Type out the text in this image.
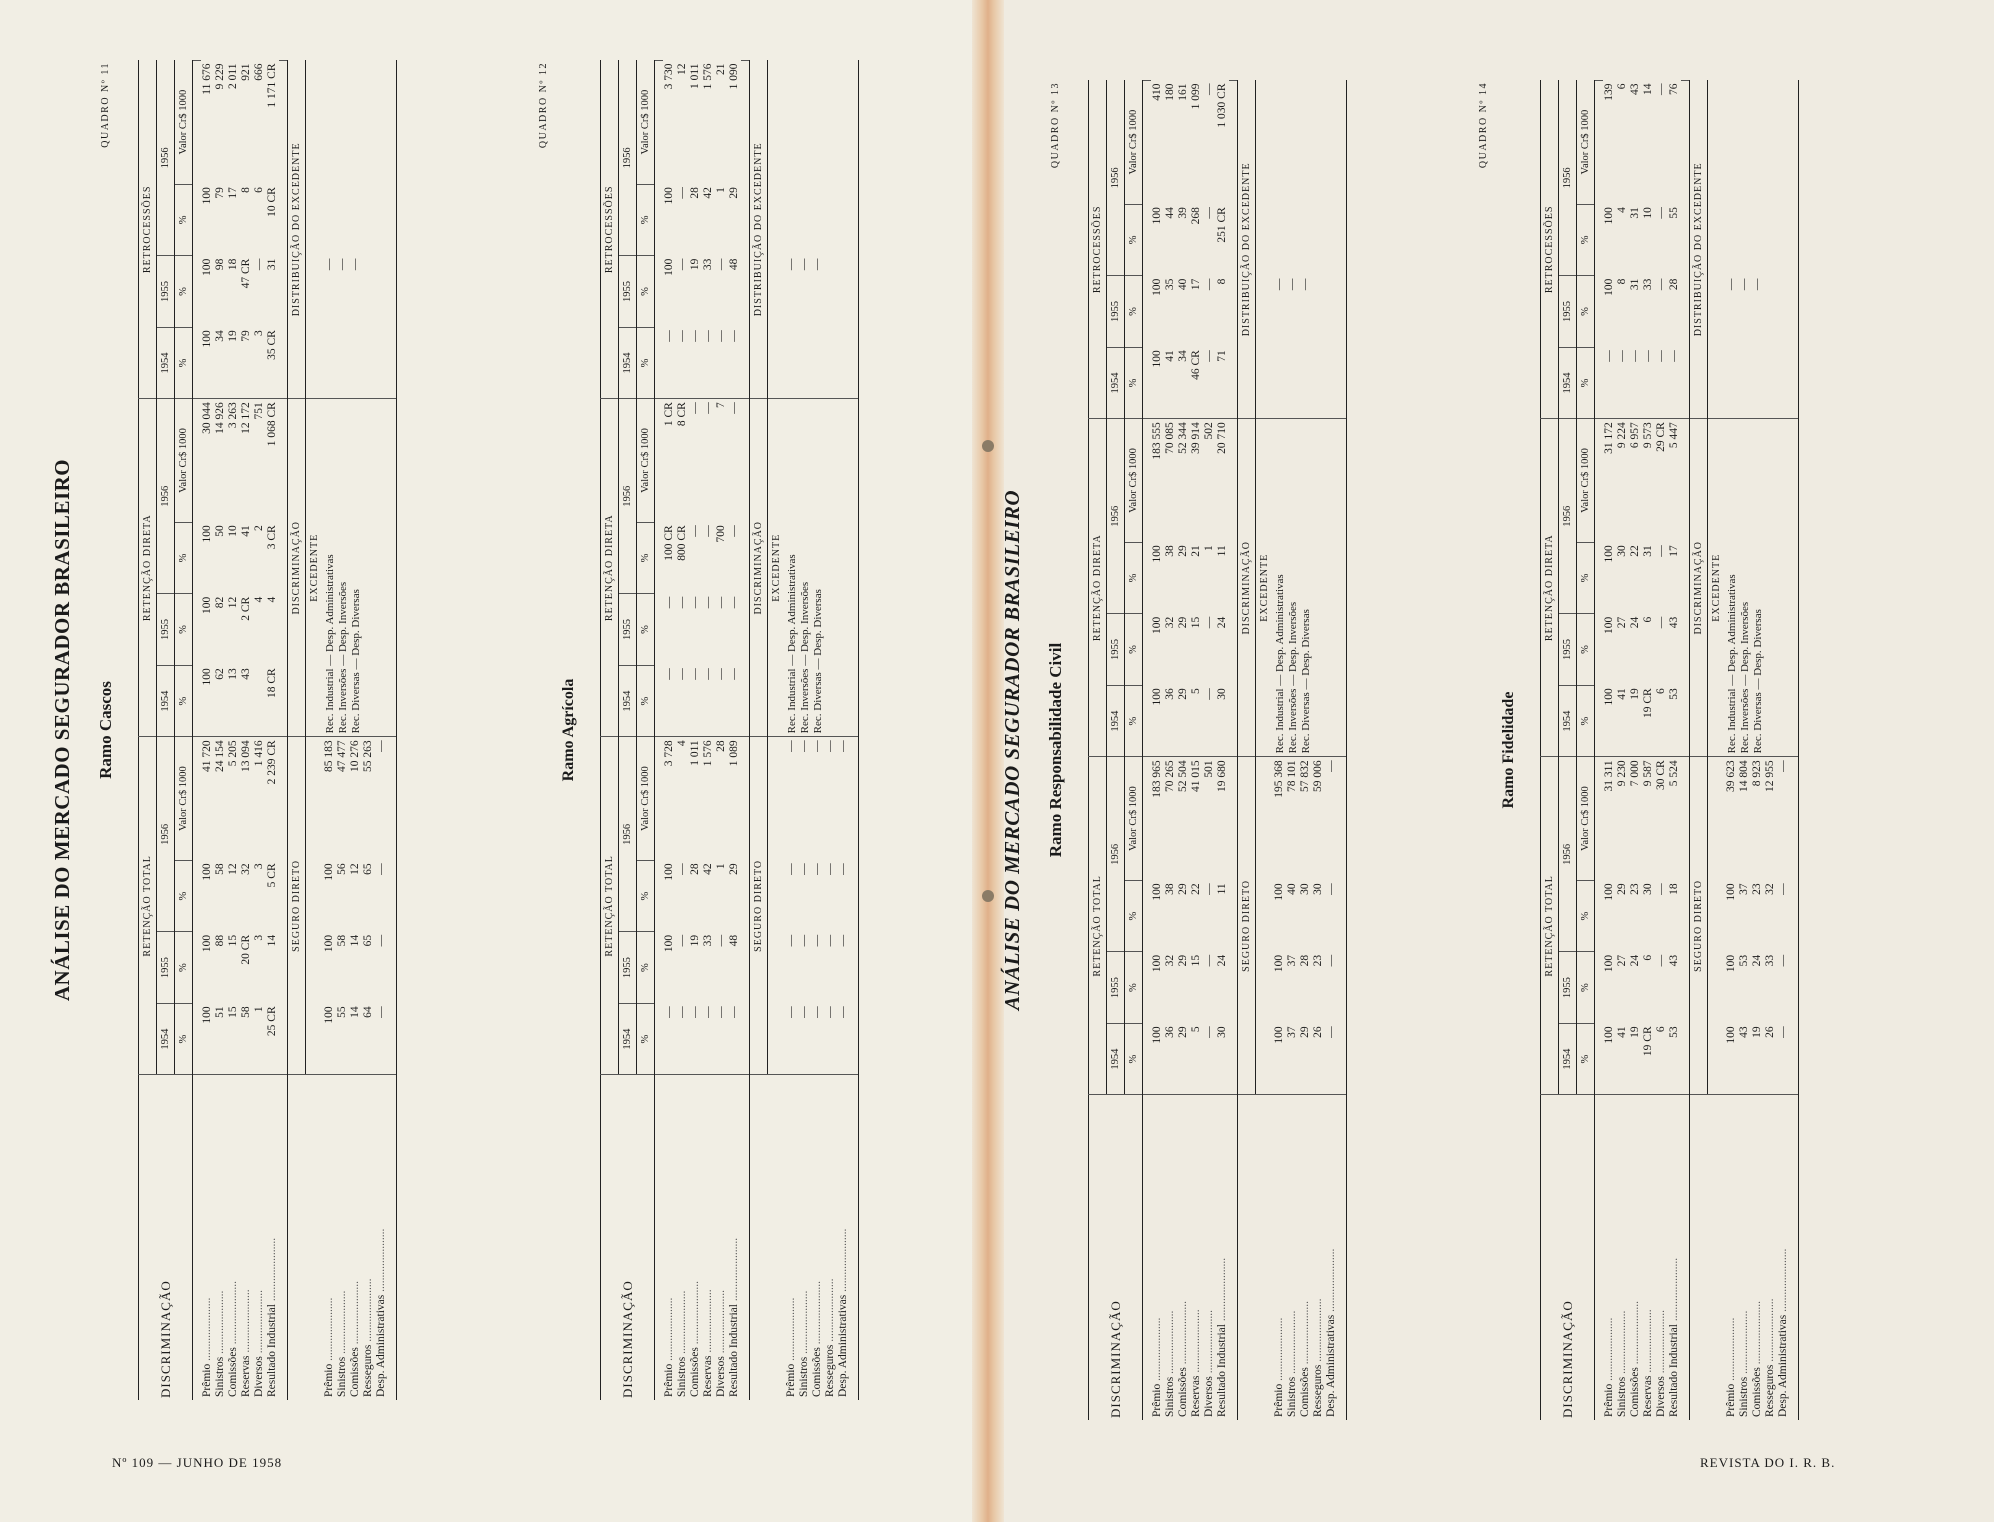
ANÁLISE DO MERCADO SEGURADOR BRASILEIRO
QUADRO Nº 11
Ramo Cascos
DISCRIMINAÇÃO	RETENÇÃO TOTAL				RETENÇÃO DIRETA				RETROCESSÕES			
	1954	1955	1956		1954	1955	1956		1954	1955	1956	

	%	%	%	Valor Cr$ 1000	%	%	%	Valor Cr$ 1000	%	%	%	Valor Cr$ 1000

Prêmio .....	100	100	100	41 720	100	100	100	30 044	100	100	100	11 676
Sinistros .....	51	88	58	24 154	62	82	50	14 926	34	98	79	9 229
Comissões .....	15	15	12	5 205	13	12	10	3 263	19	18	17	2 011
Reservas .....	58	20 CR	32	13 094	43	2 CR	41	12 172	79	47 CR	8	921
Diversos .....	1	3	3	1 416		4	2	751	3	—	6	666
Resultado Industrial .....	25 CR	14	5 CR	2 239 CR	18 CR	4	3 CR	1 068 CR	35 CR	31	10 CR	1 171 CR

	SEGURO DIRETO				DISCRIMINAÇÃO				DISTRIBUIÇÃO DO EXCEDENTE			
					EXCEDENTE							
Prêmio .....	100	100	100	85 183	Rec. Industrial — Desp. Administrativas				—			
Sinistros .....	55	58	56	47 477	Rec. Inversões — Desp. Inversões				—			
Comissões .....	14	14	12	10 276	Rec. Diversas — Desp. Diversas				—			
Resseguros .....	64	65	65	55 263								
Desp. Administrativas .....	—	—	—	—								

QUADRO Nº 12
Ramo Agrícola
DISCRIMINAÇÃO	RETENÇÃO TOTAL				RETENÇÃO DIRETA				RETROCESSÕES			
	1954	1955	1956		1954	1955	1956		1954	1955	1956	

	%	%	%	Valor Cr$ 1000	%	%	%	Valor Cr$ 1000	%	%	%	Valor Cr$ 1000

Prêmio .....	—	100	100	3 728	—	—	100 CR	1 CR	—	100	100	3 730
Sinistros .....	—	—	—	4	—	—	800 CR	8 CR	—	—	—	12
Comissões .....	—	19	28	1 011	—	—	—	—	—	19	28	1 011
Reservas .....	—	33	42	1 576	—	—	—	—	—	33	42	1 576
Diversos .....	—	—	1	28	—	—	700	7	—	—	1	21
Resultado Industrial .....	—	48	29	1 089	—	—	—	—	—	48	29	1 090

	SEGURO DIRETO				DISCRIMINAÇÃO				DISTRIBUIÇÃO DO EXCEDENTE			
					EXCEDENTE							
Prêmio .....	—	—	—	—	Rec. Industrial — Desp. Administrativas				—			
Sinistros .....	—	—	—	—	Rec. Inversões — Desp. Inversões				—			
Comissões .....	—	—	—	—	Rec. Diversas — Desp. Diversas				—			
Resseguros .....	—	—	—	—								
Desp. Administrativas .....	—	—	—	—								
													ANÁLISE DO MERCADO SEGURADOR BRASILEIRO
QUADRO Nº 13
Ramo Responsabilidade Civil
DISCRIMINAÇÃO	RETENÇÃO TOTAL				RETENÇÃO DIRETA				RETROCESSÕES			
	1954	1955	1956		1954	1955	1956		1954	1955	1956	

	%	%	%	Valor Cr$ 1000	%	%	%	Valor Cr$ 1000	%	%	%	Valor Cr$ 1000

Prêmio .....	100	100	100	183 965	100	100	100	183 555	100	100	100	410
Sinistros .....	36	32	38	70 265	36	32	38	70 085	41	35	44	180
Comissões .....	29	29	29	52 504	29	29	29	52 344	34	40	39	161
Reservas .....	5	15	22	41 015	5	15	21	39 914	46 CR	17	268	1 099
Diversos .....	—	—	—	501	—	—	1	502	—	—	—	—
Resultado Industrial .....	30	24	11	19 680	30	24	11	20 710	71	8	251 CR	1 030 CR

	SEGURO DIRETO				DISCRIMINAÇÃO				DISTRIBUIÇÃO DO EXCEDENTE			
					EXCEDENTE							
Prêmio .....	100	100	100	195 368	Rec. Industrial — Desp. Administrativas				—			
Sinistros .....	37	37	40	78 101	Rec. Inversões — Desp. Inversões				—			
Comissões .....	29	28	30	57 832	Rec. Diversas — Desp. Diversas				—			
Resseguros .....	26	23	30	59 006								
Desp. Administrativas .....	—	—	—	—								

QUADRO Nº 14
Ramo Fidelidade
DISCRIMINAÇÃO	RETENÇÃO TOTAL				RETENÇÃO DIRETA				RETROCESSÕES			
	1954	1955	1956		1954	1955	1956		1954	1955	1956	

	%	%	%	Valor Cr$ 1000	%	%	%	Valor Cr$ 1000	%	%	%	Valor Cr$ 1000

Prêmio .....	100	100	100	31 311	100	100	100	31 172	—	100	100	139
Sinistros .....	41	27	29	9 230	41	27	30	9 224	—	8	4	6
Comissões .....	19	24	23	7 000	19	24	22	6 957	—	31	31	43
Reservas .....	19 CR	6	30	9 587	19 CR	6	31	9 573	—	33	10	14
Diversos .....	6	—	—	30 CR	6	—	—	29 CR	—	—	—	—
Resultado Industrial .....	53	43	18	5 524	53	43	17	5 447	—	28	55	76

	SEGURO DIRETO				DISCRIMINAÇÃO				DISTRIBUIÇÃO DO EXCEDENTE			
					EXCEDENTE							
Prêmio .....	100	100	100	39 623	Rec. Industrial — Desp. Administrativas				—			
Sinistros .....	43	53	37	14 804	Rec. Inversões — Desp. Inversões				—			
Comissões .....	19	24	23	8 923	Rec. Diversas — Desp. Diversas				—			
Resseguros .....	26	33	32	12 955								
Desp. Administrativas .....	—	—	—	—								

Nº 109 — JUNHO DE 1958	REVISTA DO I. R. B.
